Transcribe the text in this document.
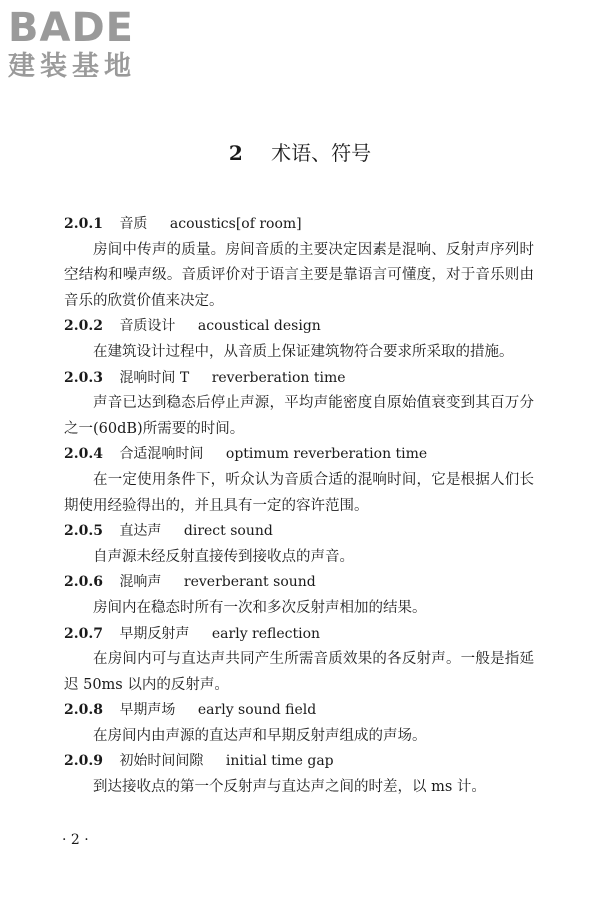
BADE
建装基地
2 术语、符号
2.0.1 音质 acoustics[of room]

房间中传声的质量。房间音质的主要决定因素是混响、反射声序列时空结构和噪声级。音质评价对于语言主要是靠语言可懂度，对于音乐则由音乐的欣赏价值来决定。

2.0.2 音质设计 acoustical design

在建筑设计过程中，从音质上保证建筑物符合要求所采取的措施。

2.0.3 混响时间 T reverberation time

声音已达到稳态后停止声源，平均声能密度自原始值衰变到其百万分之一(60dB)所需要的时间。

2.0.4 合适混响时间 optimum reverberation time

在一定使用条件下，听众认为音质合适的混响时间，它是根据人们长期使用经验得出的，并且具有一定的容许范围。

2.0.5 直达声 direct sound

自声源未经反射直接传到接收点的声音。

2.0.6 混响声 reverberant sound

房间内在稳态时所有一次和多次反射声相加的结果。

2.0.7 早期反射声 early reflection

在房间内可与直达声共同产生所需音质效果的各反射声。一般是指延迟 50ms 以内的反射声。

2.0.8 早期声场 early sound field

在房间内由声源的直达声和早期反射声组成的声场。

2.0.9 初始时间间隙 initial time gap

到达接收点的第一个反射声与直达声之间的时差，以 ms 计。

· 2 ·
